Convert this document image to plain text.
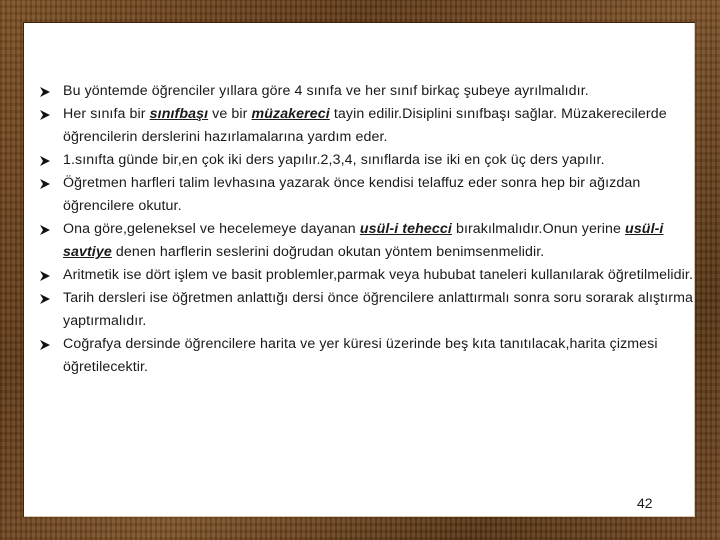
Bu yöntemde öğrenciler yıllara göre 4 sınıfa ve her sınıf birkaç şubeye ayrılmalıdır.
Her sınıfa bir sınıfbaşı ve bir müzakereci tayin edilir.Disiplini sınıfbaşı sağlar. Müzakerecilerde öğrencilerin derslerini hazırlamalarına yardım eder.
1.sınıfta günde bir,en çok iki ders yapılır.2,3,4, sınıflarda ise iki en çok üç ders yapılır.
Öğretmen harfleri talim levhasına yazarak önce kendisi telaffuz eder sonra hep bir ağızdan öğrencilere okutur.
Ona göre,geleneksel ve hecelemeye dayanan usül-i tehecci bırakılmalıdır.Onun yerine usül-i savtiye denen harflerin seslerini doğrudan okutan yöntem benimsenmelidir.
Aritmetik ise dört işlem ve basit problemler,parmak veya hububat taneleri kullanılarak öğretilmelidir.
Tarih dersleri ise öğretmen anlattığı dersi önce öğrencilere anlattırmalı sonra soru sorarak alıştırma yaptırmalıdır.
Coğrafya dersinde öğrencilere harita ve yer küresi üzerinde beş kıta tanıtılacak,harita çizmesi öğretilecektir.
42
